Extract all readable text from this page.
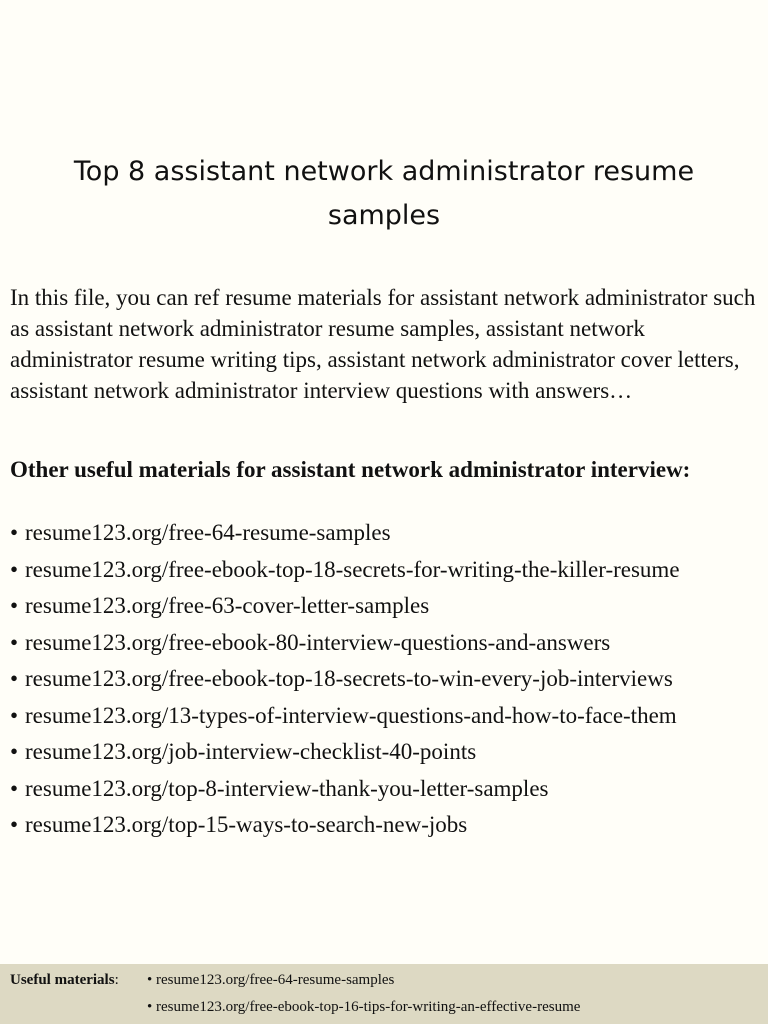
Top 8 assistant network administrator resume samples

In this file, you can ref resume materials for assistant network administrator such as assistant network administrator resume samples, assistant network administrator resume writing tips, assistant network administrator cover letters, assistant network administrator interview questions with answers…

Other useful materials for assistant network administrator interview:

• resume123.org/free-64-resume-samples
• resume123.org/free-ebook-top-18-secrets-for-writing-the-killer-resume
• resume123.org/free-63-cover-letter-samples
• resume123.org/free-ebook-80-interview-questions-and-answers
• resume123.org/free-ebook-top-18-secrets-to-win-every-job-interviews
• resume123.org/13-types-of-interview-questions-and-how-to-face-them
• resume123.org/job-interview-checklist-40-points
• resume123.org/top-8-interview-thank-you-letter-samples
• resume123.org/top-15-ways-to-search-new-jobs
Useful materials: • resume123.org/free-64-resume-samples
• resume123.org/free-ebook-top-16-tips-for-writing-an-effective-resume
